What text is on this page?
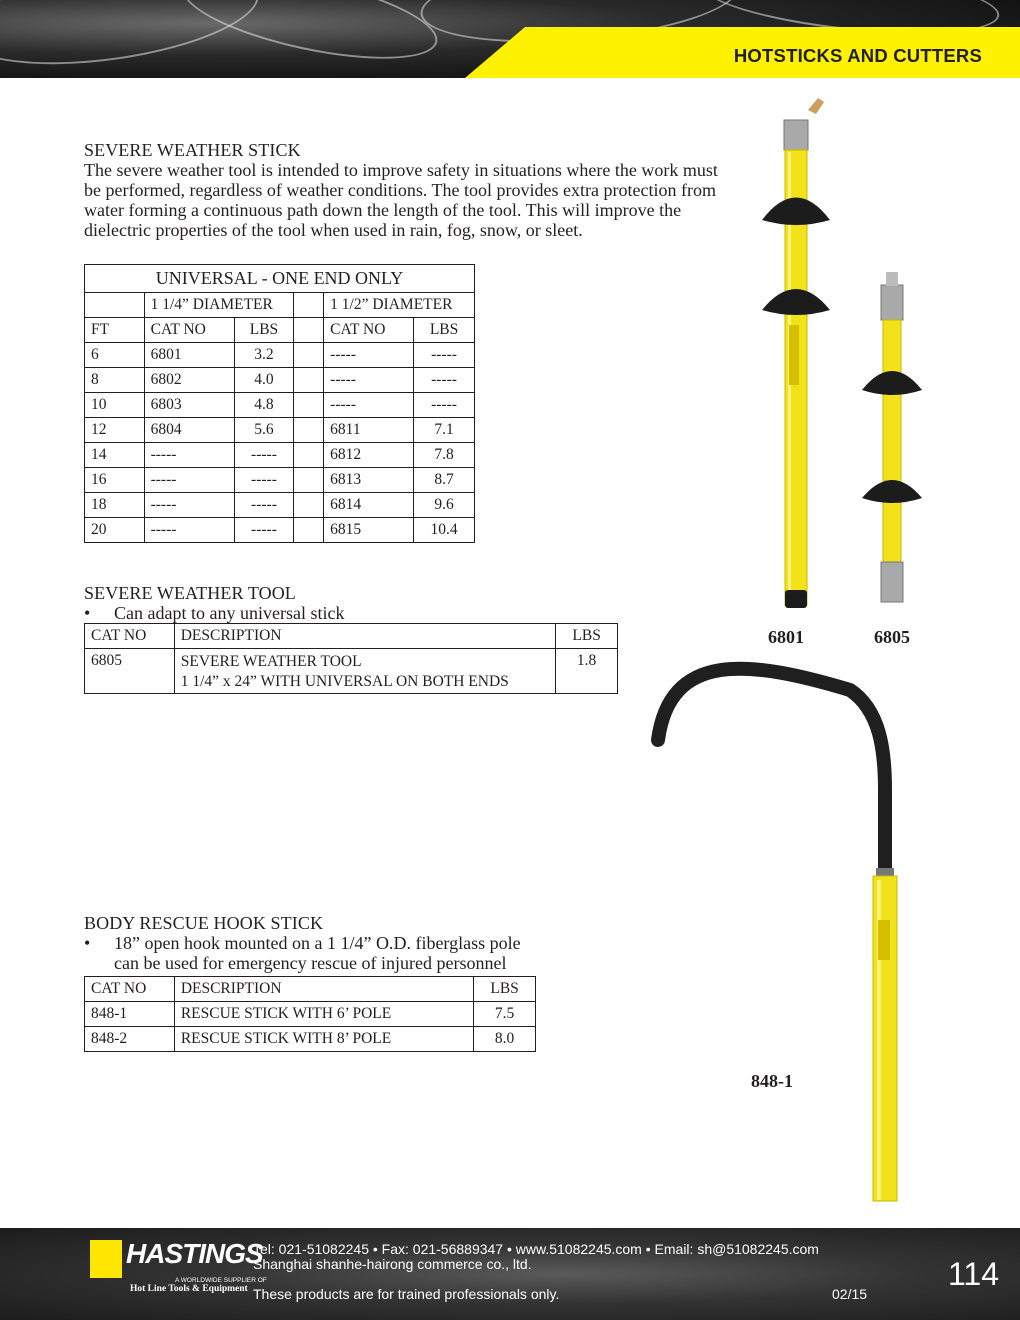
HOTSTICKS AND CUTTERS
SEVERE WEATHER STICK
The severe weather tool is intended to improve safety in situations where the work must be performed, regardless of weather conditions. The tool provides extra protection from water forming a continuous path down the length of the tool. This will improve the dielectric properties of the tool when used in rain, fog, snow, or sleet.
UNIVERSAL - ONE END ONLY					
	1 1/4” DIAMETER			1 1/2” DIAMETER	
FT	CAT NO	LBS		CAT NO	LBS
6	6801	3.2		-----	-----
8	6802	4.0		-----	-----
10	6803	4.8		-----	-----
12	6804	5.6		6811	7.1
14	-----	-----		6812	7.8
16	-----	-----		6813	8.7
18	-----	-----		6814	9.6
20	-----	-----		6815	10.4
SEVERE WEATHER TOOL
• Can adapt to any universal stick
CAT NO	DESCRIPTION	LBS
6805	SEVERE WEATHER TOOL
1 1/4” x 24” WITH UNIVERSAL ON BOTH ENDS	1.8
BODY RESCUE HOOK STICK
• 18” open hook mounted on a 1 1/4” O.D. fiberglass pole
can be used for emergency rescue of injured personnel
CAT NO	DESCRIPTION	LBS
848-1	RESCUE STICK WITH 6’ POLE	7.5
848-2	RESCUE STICK WITH 8’ POLE	8.0
6801	6805
848-1
HASTINGS
A WORLDWIDE SUPPLIER OF
Hot Line Tools & Equipment
Tel: 021-51082245 • Fax: 021-56889347 • www.51082245.com • Email: sh@51082245.com
Shanghai shanhe-hairong commerce co., ltd.
These products are for trained professionals only.	02/15
114
